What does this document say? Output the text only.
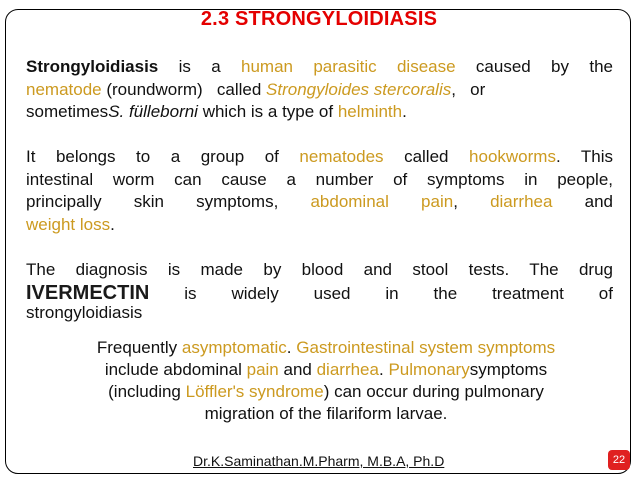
2.3 STRONGYLOIDIASIS
Strongyloidiasis is a human parasitic disease caused by the
nematode (roundworm)   called Strongyloides stercoralis,   or
sometimesS. fülleborni which is a type of helminth.
It belongs to a group of nematodes called hookworms. This
intestinal worm can cause a number of symptoms in people,
principally skin symptoms, abdominal pain, diarrhea and
weight loss.
The diagnosis is made by blood and stool tests. The drug
IVERMECTIN is widely used in the treatment of
strongyloidiasis
Frequently asymptomatic. Gastrointestinal system symptoms
include abdominal pain and diarrhea. Pulmonarysymptoms
(including Löffler's syndrome) can occur during pulmonary
migration of the filariform larvae.
Dr.K.Saminathan.M.Pharm, M.B.A, Ph.D	22
